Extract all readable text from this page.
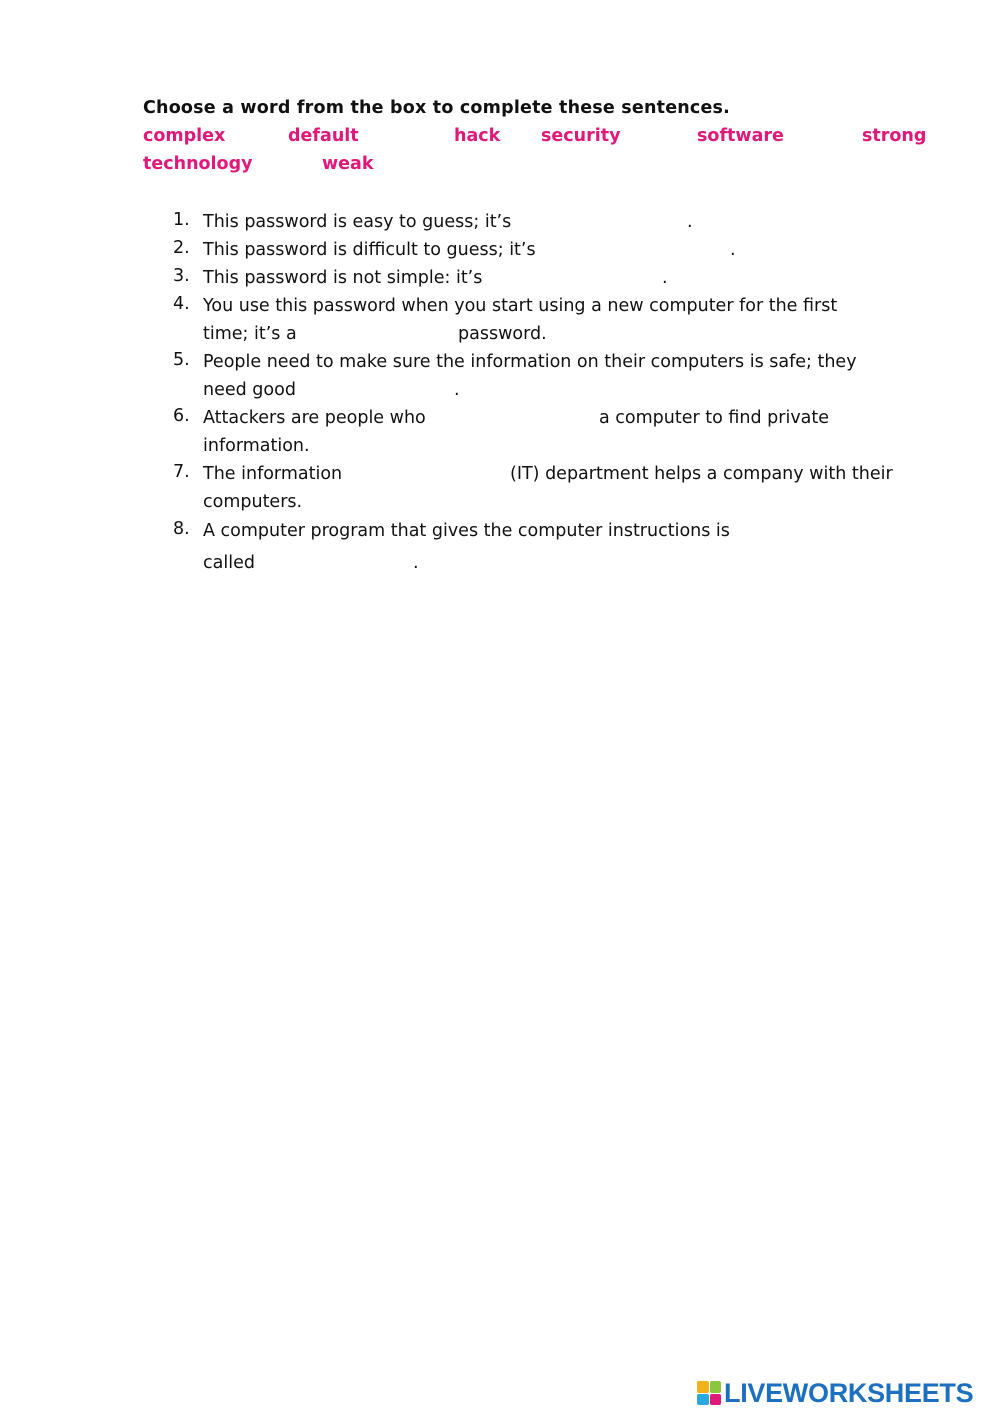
Choose a word from the box to complete these sentences.
complex	default	hack security	software	strong
technology	weak
1. This password is easy to guess; it’s	.
2. This password is difficult to guess; it’s	.
3. This password is not simple: it’s	.
4. You use this password when you start using a new computer for the first
time; it’s a	password.
5. People need to make sure the information on their computers is safe; they
need good	.
6. Attackers are people who	a computer to find private
information.
7. The information	(IT) department helps a company with their
computers.
8. A computer program that gives the computer instructions is
called	.
LIVEWORKSHEETS
